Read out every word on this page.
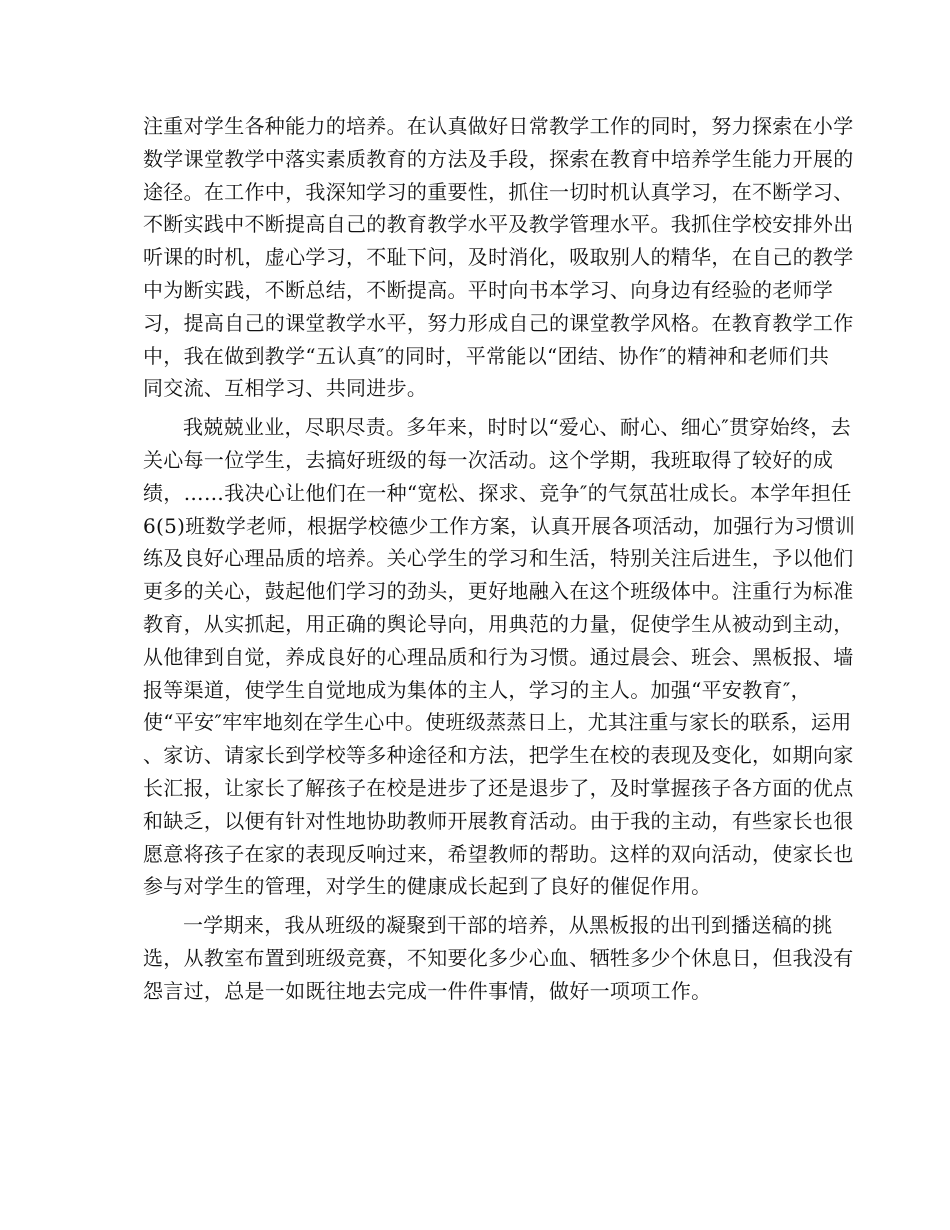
注重对学生各种能力的培养。在认真做好日常教学工作的同时，努力探索在小学
数学课堂教学中落实素质教育的方法及手段，探索在教育中培养学生能力开展的
途径。在工作中，我深知学习的重要性，抓住一切时机认真学习，在不断学习、
不断实践中不断提高自己的教育教学水平及教学管理水平。我抓住学校安排外出
听课的时机，虚心学习，不耻下问，及时消化，吸取别人的精华，在自己的教学
中为断实践，不断总结，不断提高。平时向书本学习、向身边有经验的老师学
习，提高自己的课堂教学水平，努力形成自己的课堂教学风格。在教育教学工作
中，我在做到教学“五认真″的同时，平常能以“团结、协作″的精神和老师们共
同交流、互相学习、共同进步。
我兢兢业业，尽职尽责。多年来，时时以“爱心、耐心、细心″贯穿始终，去
关心每一位学生，去搞好班级的每一次活动。这个学期，我班取得了较好的成
绩，……我决心让他们在一种“宽松、探求、竞争″的气氛茁壮成长。本学年担任
6(5)班数学老师，根据学校德少工作方案，认真开展各项活动，加强行为习惯训
练及良好心理品质的培养。关心学生的学习和生活，特别关注后进生，予以他们
更多的关心，鼓起他们学习的劲头，更好地融入在这个班级体中。注重行为标准
教育，从实抓起，用正确的舆论导向，用典范的力量，促使学生从被动到主动，
从他律到自觉，养成良好的心理品质和行为习惯。通过晨会、班会、黑板报、墙
报等渠道，使学生自觉地成为集体的主人，学习的主人。加强“平安教育″，
使“平安″牢牢地刻在学生心中。使班级蒸蒸日上，尤其注重与家长的联系，运用
、家访、请家长到学校等多种途径和方法，把学生在校的表现及变化，如期向家
长汇报，让家长了解孩子在校是进步了还是退步了，及时掌握孩子各方面的优点
和缺乏，以便有针对性地协助教师开展教育活动。由于我的主动，有些家长也很
愿意将孩子在家的表现反响过来，希望教师的帮助。这样的双向活动，使家长也
参与对学生的管理，对学生的健康成长起到了良好的催促作用。
一学期来，我从班级的凝聚到干部的培养，从黑板报的出刊到播送稿的挑
选，从教室布置到班级竞赛，不知要化多少心血、牺牲多少个休息日，但我没有
怨言过，总是一如既往地去完成一件件事情，做好一项项工作。
